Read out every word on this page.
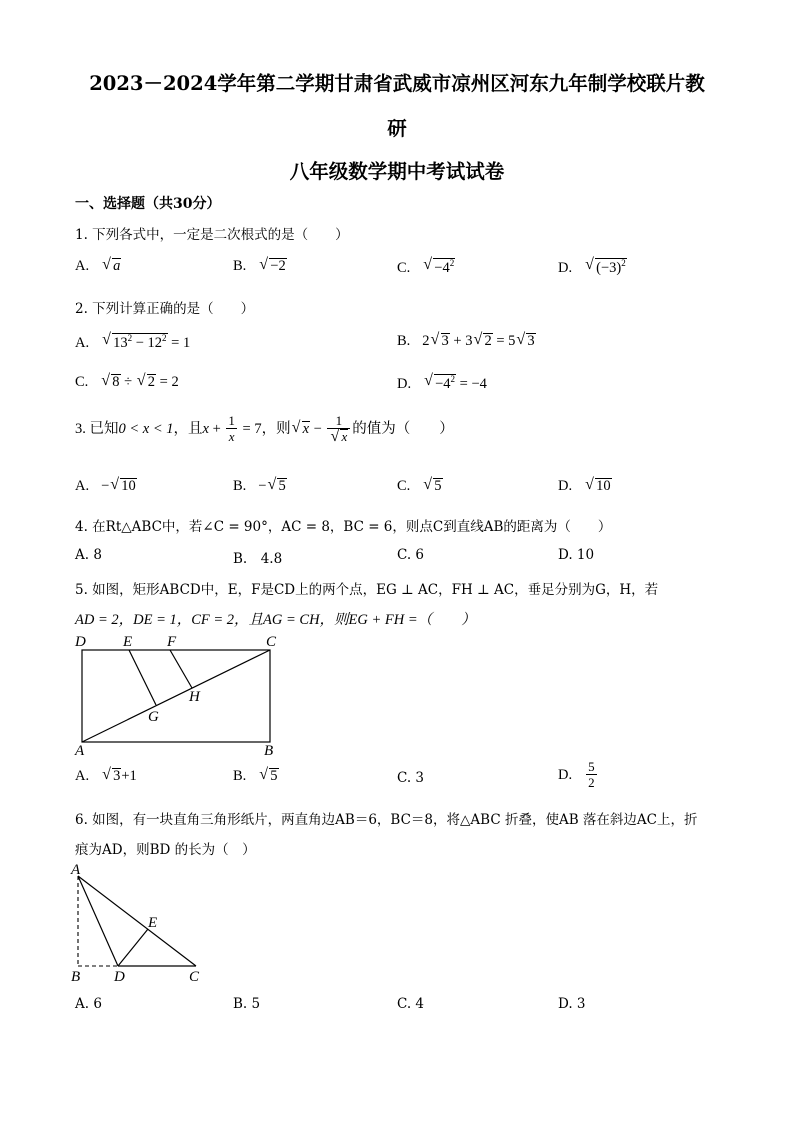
2023－2024学年第二学期甘肃省武威市凉州区河东九年制学校联片教
研
八年级数学期中考试试卷
一、选择题（共30分）
1. 下列各式中，一定是二次根式的是（　　）
A.√ a	B.√ −2	$C.√ -4^2$	D.√ $(-3)^2$
2. 下列计算正确的是（　　）
A.√ $13^2 - 12^2 = 1$	B. 2√ 3 + 3√ 2 = 5√ 3
C.√ 8 ÷ √ 2 = 2	$D.√ -4^2 = -4$
3. 已知0 < x < 1，且$x + \frac{1}{x} = 7$，则√ x − 1
√ x 的值为（　　）
A. −√ 10	B. −√ 5	C.√ 5	D.√ 10
4. 在Rt△ABC中，若∠C = 90°，AC = 8，BC = 6，则点C到直线AB的距离为（　　）
A. 8	B.　4.8	C. 6	D. 10
5. 如图，矩形ABCD中，E，F是CD上的两个点，EG ⊥ AC，FH ⊥ AC，垂足分别为G，H，若
AD = 2，DE = 1，CF = 2，且AG = CH，则EG + FH =（　　）
D E F	C
H
G
A	B
A.√ 3+1	B.√ 5	C. 3	D. $\frac{5}{2}$
6. 如图，有一块直角三角形纸片，两直角边AB＝6，BC＝8，将△ABC 折叠，使AB 落在斜边AC上，折
痕为AD，则BD 的长为（　）
A
E
B D	C
A. 6	B. 5	C. 4	D. 3
